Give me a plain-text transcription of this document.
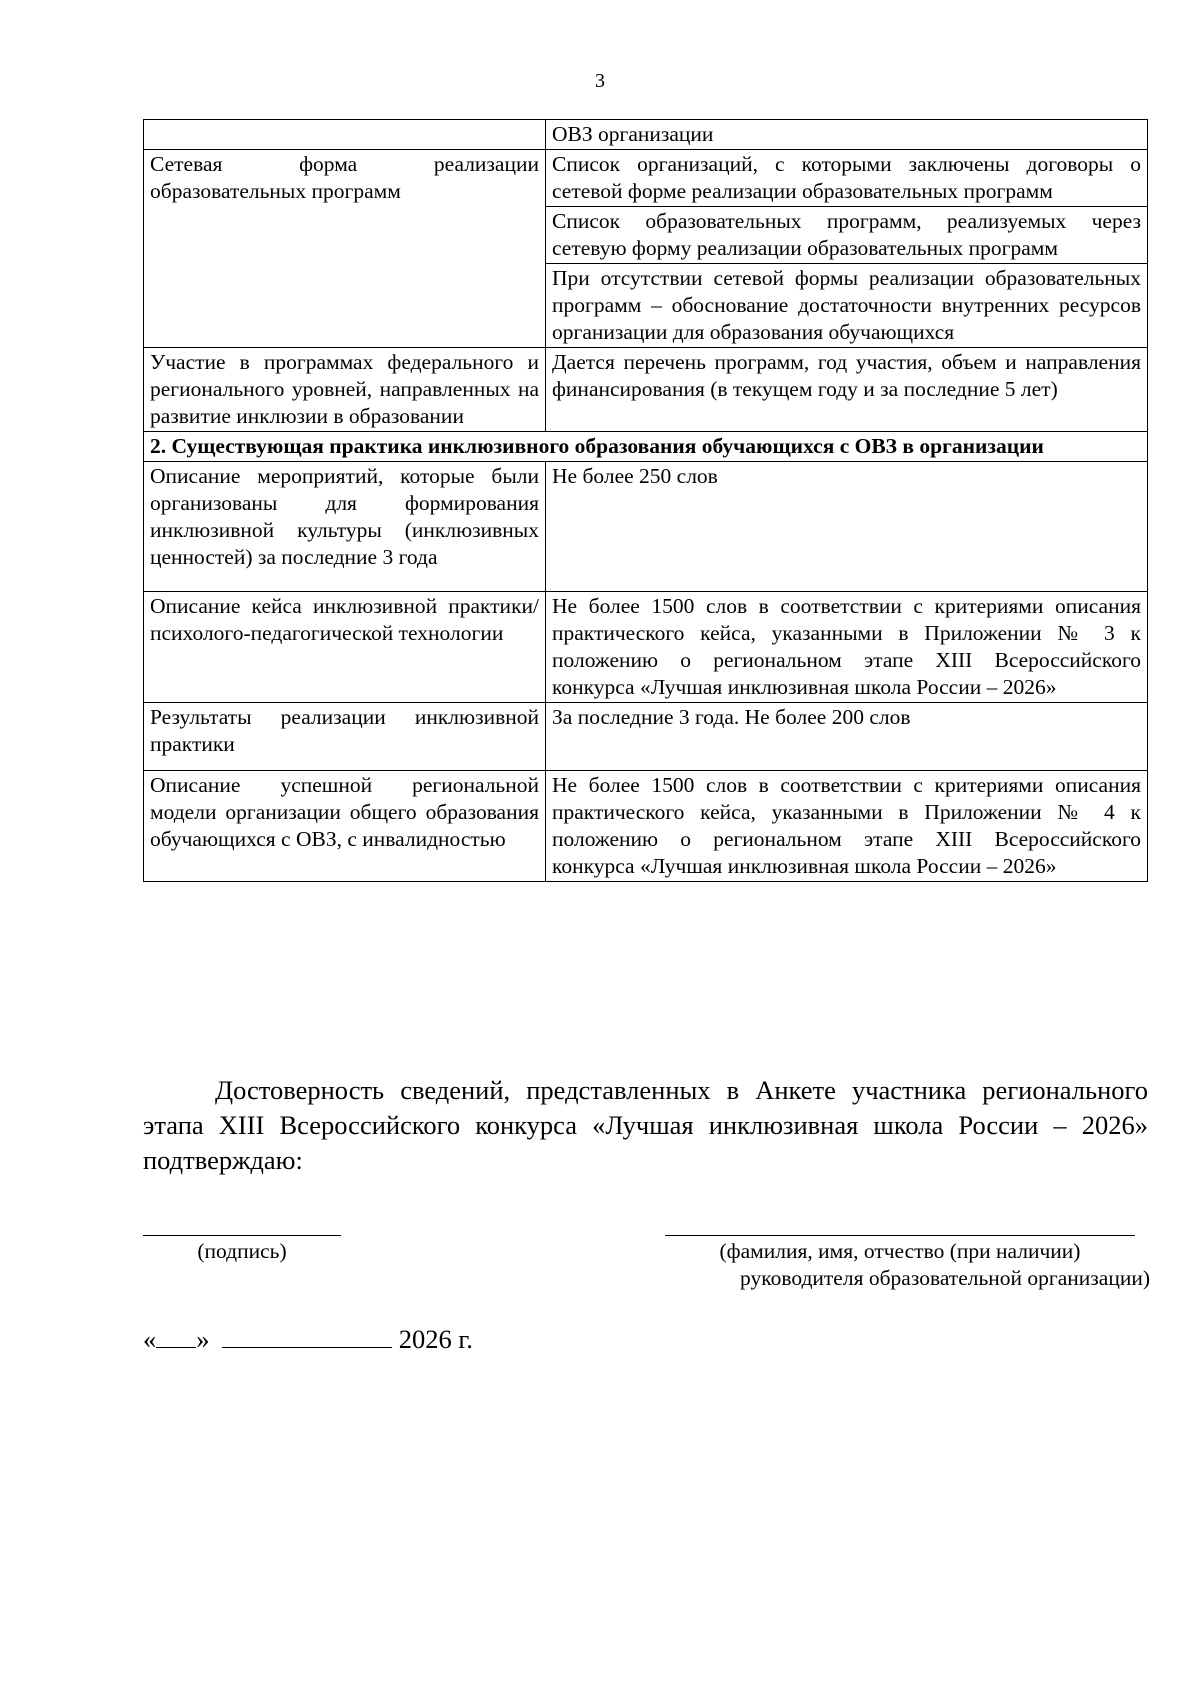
3
	ОВЗ организации
Сетевая форма реализации образовательных программ	Список организаций, с которыми заключены договоры о сетевой форме реализации образовательных программ
	Список образовательных программ, реализуемых через сетевую форму реализации образовательных программ
	При отсутствии сетевой формы реализации образовательных программ – обоснование достаточности внутренних ресурсов организации для образования обучающихся
Участие в программах федерального и регионального уровней, направленных на развитие инклюзии в образовании	Дается перечень программ, год участия, объем и направления финансирования (в текущем году и за последние 5 лет)
2. Существующая практика инклюзивного образования обучающихся с ОВЗ в организации	
Описание мероприятий, которые были организованы для формирования инклюзивной культуры (инклюзивных ценностей) за последние 3 года	Не более 250 слов
Описание кейса инклюзивной практики/ психолого-педагогической технологии	Не более 1500 слов в соответствии с критериями описания практического кейса, указанными в Приложении № 3 к положению о региональном этапе XIII Всероссийского конкурса «Лучшая инклюзивная школа России – 2026»
Результаты реализации инклюзивной практики	За последние 3 года. Не более 200 слов
Описание успешной региональной модели организации общего образования обучающихся с ОВЗ, с инвалидностью	Не более 1500 слов в соответствии с критериями описания практического кейса, указанными в Приложении № 4 к положению о региональном этапе XIII Всероссийского конкурса «Лучшая инклюзивная школа России – 2026»

Достоверность сведений, представленных в Анкете участника регионального этапа XIII Всероссийского конкурса «Лучшая инклюзивная школа России – 2026» подтверждаю:

(подпись)	(фамилия, имя, отчество (при наличии)
руководителя образовательной организации)
« »	2026 г.
